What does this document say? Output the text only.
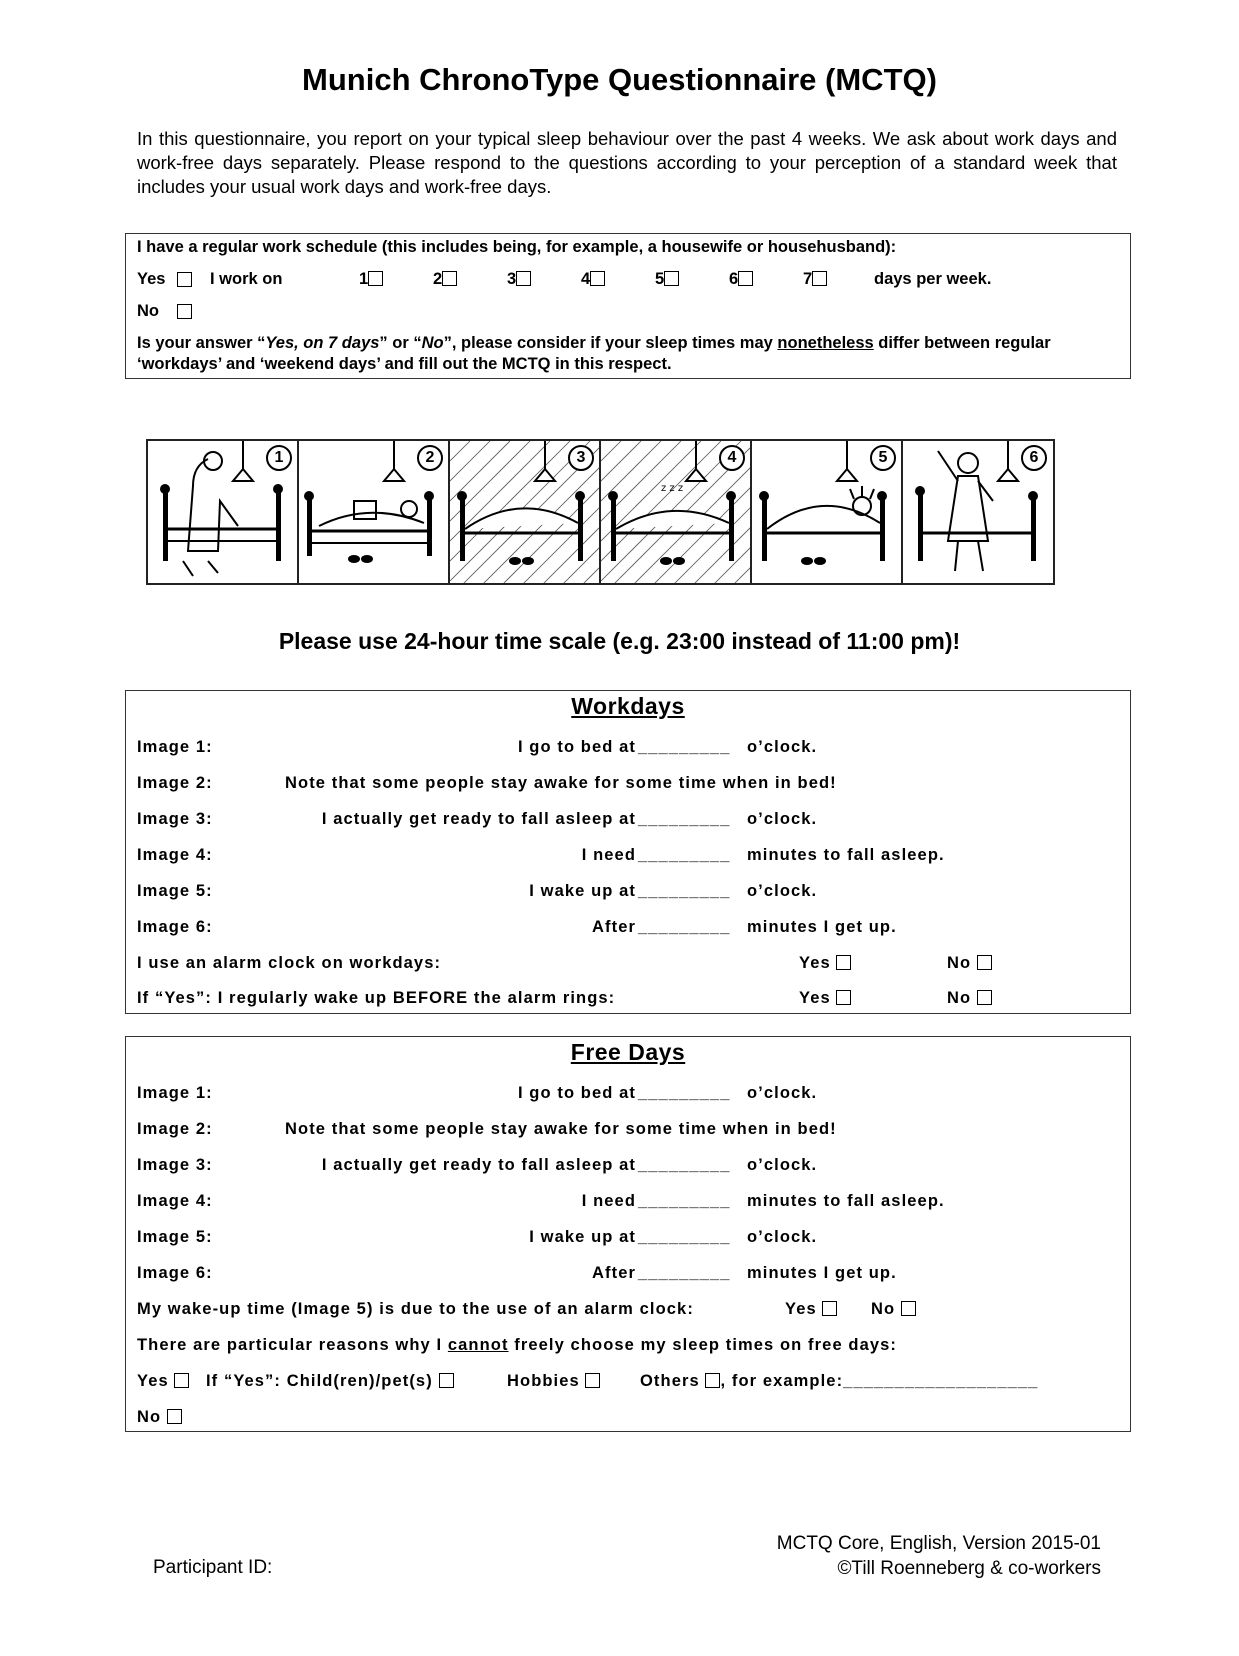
Munich ChronoType Questionnaire (MCTQ)
In this questionnaire, you report on your typical sleep behaviour over the past 4 weeks. We ask about work days and work-free days separately. Please respond to the questions according to your perception of a standard week that includes your usual work days and work-free days.
I have a regular work schedule (this includes being, for example, a housewife or househusband):
Yes	I work on	1	2	3	4	5	6	7	days per week.
No
Is your answer “Yes, on 7 days” or “No”, please consider if your sleep times may nonetheless differ between regular ‘workdays’ and ‘weekend days’ and fill out the MCTQ in this respect.
1	2	3
z z z
4	5	6
Please use 24-hour time scale (e.g. 23:00 instead of 11:00 pm)!
Workdays
Image 1:	I go to bed at _________ o’clock.
Image 2:	Note that some people stay awake for some time when in bed!
Image 3:	I actually get ready to fall asleep at _________ o’clock.
Image 4:	I need _________ minutes to fall asleep.
Image 5:	I wake up at _________ o’clock.
Image 6:	After _________ minutes I get up.
I use an alarm clock on workdays:	Yes	No
If “Yes”: I regularly wake up BEFORE the alarm rings:	Yes	No
Free Days
Image 1:	I go to bed at _________ o’clock.
Image 2:	Note that some people stay awake for some time when in bed!
Image 3:	I actually get ready to fall asleep at _________ o’clock.
Image 4:	I need _________ minutes to fall asleep.
Image 5:	I wake up at _________ o’clock.
Image 6:	After _________ minutes I get up.
My wake-up time (Image 5) is due to the use of an alarm clock:	Yes	No
There are particular reasons why I cannot freely choose my sleep times on free days:
Yes	If “Yes”: Child(ren)/pet(s)	Hobbies	Others , for example:___________________
No
MCTQ Core, English, Version 2015-01
©Till Roenneberg & co-workers
Participant ID:
